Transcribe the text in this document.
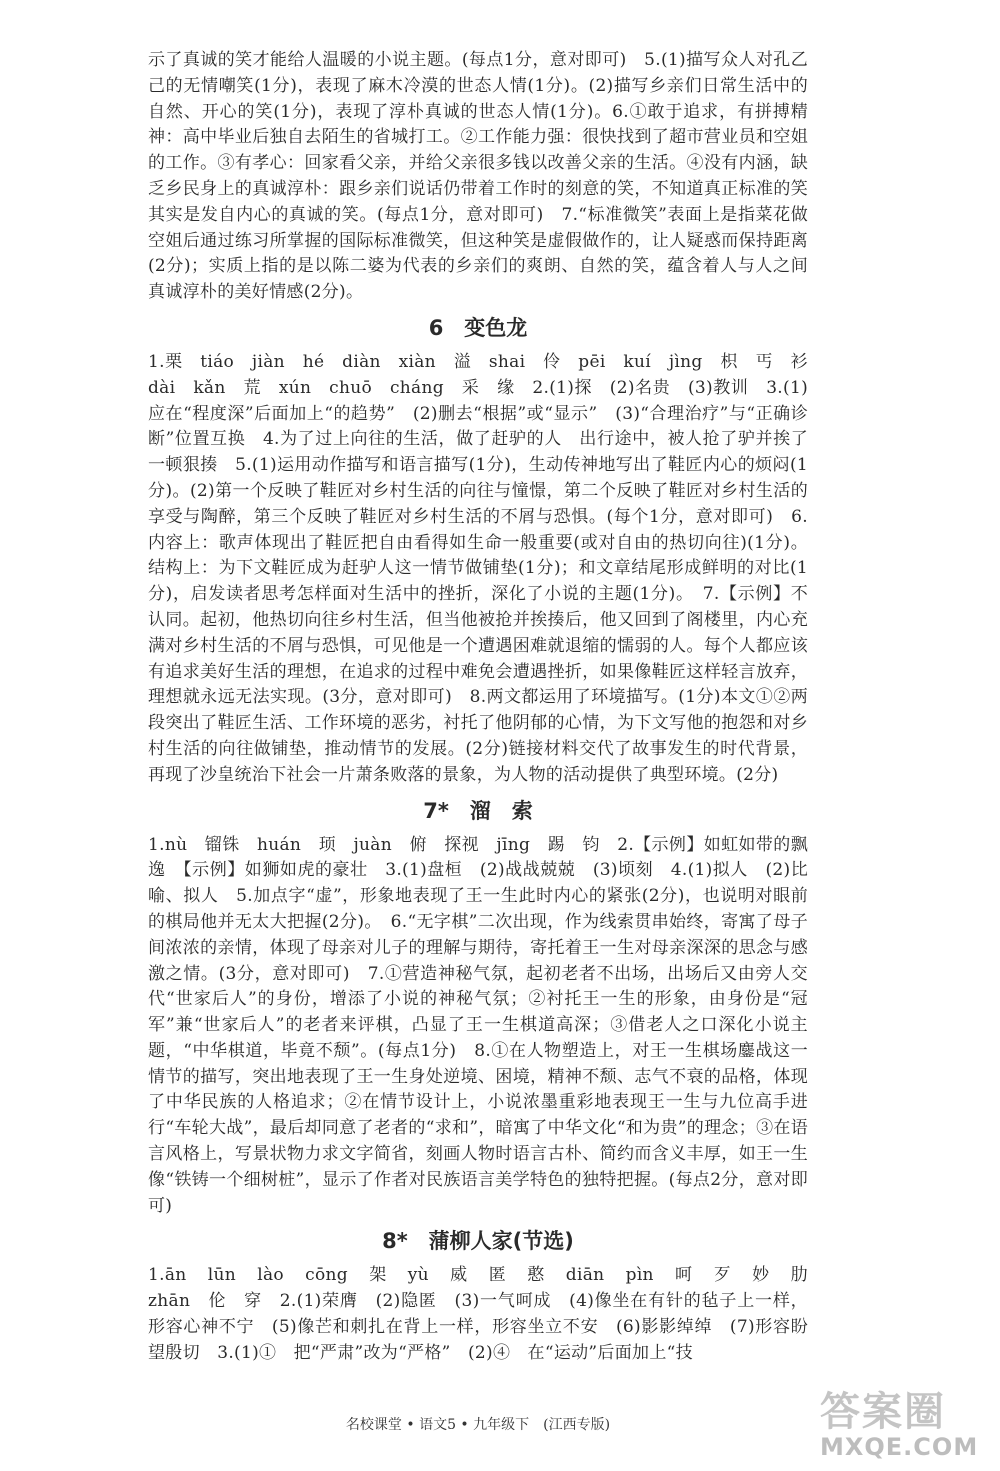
示了真诚的笑才能给人温暖的小说主题。(每点1分，意对即可)　5.(1)描写众人对孔乙己的无情嘲笑(1分)，表现了麻木冷漠的世态人情(1分)。(2)描写乡亲们日常生活中的自然、开心的笑(1分)，表现了淳朴真诚的世态人情(1分)。6.①敢于追求，有拼搏精神：高中毕业后独自去陌生的省城打工。②工作能力强：很快找到了超市营业员和空姐的工作。③有孝心：回家看父亲，并给父亲很多钱以改善父亲的生活。④没有内涵，缺乏乡民身上的真诚淳朴：跟乡亲们说话仍带着工作时的刻意的笑，不知道真正标准的笑其实是发自内心的真诚的笑。(每点1分，意对即可)　7.“标准微笑”表面上是指菜花做空姐后通过练习所掌握的国际标准微笑，但这种笑是虚假做作的，让人疑惑而保持距离(2分)；实质上指的是以陈二婆为代表的乡亲们的爽朗、自然的笑，蕴含着人与人之间真诚淳朴的美好情感(2分)。

6　变色龙

1.栗　tiáo　jiàn　hé　diàn　xiàn　溢　shai　伶　pēi　kuí　jìng　枳　丐　衫　dài　kǎn　荒　xún　chuō　cháng　采　缘　2.(1)探　(2)名贵　(3)教训　3.(1)应在“程度深”后面加上“的趋势”　(2)删去“根据”或“显示”　(3)“合理治疗”与“正确诊断”位置互换　4.为了过上向往的生活，做了赶驴的人　出行途中，被人抢了驴并挨了一顿狠揍　5.(1)运用动作描写和语言描写(1分)，生动传神地写出了鞋匠内心的烦闷(1分)。(2)第一个反映了鞋匠对乡村生活的向往与憧憬，第二个反映了鞋匠对乡村生活的享受与陶醉，第三个反映了鞋匠对乡村生活的不屑与恐惧。(每个1分，意对即可)　6.内容上：歌声体现出了鞋匠把自由看得如生命一般重要(或对自由的热切向往)(1分)。结构上：为下文鞋匠成为赶驴人这一情节做铺垫(1分)；和文章结尾形成鲜明的对比(1分)，启发读者思考怎样面对生活中的挫折，深化了小说的主题(1分)。　7.【示例】不认同。起初，他热切向往乡村生活，但当他被抢并挨揍后，他又回到了阁楼里，内心充满对乡村生活的不屑与恐惧，可见他是一个遭遇困难就退缩的懦弱的人。每个人都应该有追求美好生活的理想，在追求的过程中难免会遭遇挫折，如果像鞋匠这样轻言放弃，理想就永远无法实现。(3分，意对即可)　8.两文都运用了环境描写。(1分)本文①②两段突出了鞋匠生活、工作环境的恶劣，衬托了他阴郁的心情，为下文写他的抱怨和对乡村生活的向往做铺垫，推动情节的发展。(2分)链接材料交代了故事发生的时代背景，再现了沙皇统治下社会一片萧条败落的景象，为人物的活动提供了典型环境。(2分)

7*　溜　索

1.nù　镏铢　huán　顼　juàn　俯　探视　jīng　踢　钧　2.【示例】如虹如带的飘逸　【示例】如狮如虎的豪壮　3.(1)盘桓　(2)战战兢兢　(3)顷刻　4.(1)拟人　(2)比喻、拟人　5.加点字“虚”，形象地表现了王一生此时内心的紧张(2分)，也说明对眼前的棋局他并无太大把握(2分)。　6.“无字棋”二次出现，作为线索贯串始终，寄寓了母子间浓浓的亲情，体现了母亲对儿子的理解与期待，寄托着王一生对母亲深深的思念与感激之情。(3分，意对即可)　7.①营造神秘气氛，起初老者不出场，出场后又由旁人交代“世家后人”的身份，增添了小说的神秘气氛；②衬托王一生的形象，由身份是“冠军”兼“世家后人”的老者来评棋，凸显了王一生棋道高深；③借老人之口深化小说主题，“中华棋道，毕竟不颓”。(每点1分)　8.①在人物塑造上，对王一生棋场鏖战这一情节的描写，突出地表现了王一生身处逆境、困境，精神不颓、志气不衰的品格，体现了中华民族的人格追求；②在情节设计上，小说浓墨重彩地表现王一生与九位高手进行“车轮大战”，最后却同意了老者的“求和”，暗寓了中华文化“和为贵”的理念；③在语言风格上，写景状物力求文字简省，刻画人物时语言古朴、简约而含义丰厚，如王一生像“铁铸一个细树桩”，显示了作者对民族语言美学特色的独特把握。(每点2分，意对即可)

8*　蒲柳人家(节选)

1.ān　lūn　lào　cōng　架　yù　威　匿　憨　diān　pìn　呵　歹　妙　肋　zhān　伦　穿　2.(1)荣膺　(2)隐匿　(3)一气呵成　(4)像坐在有针的毡子上一样，形容心神不宁　(5)像芒和刺扎在背上一样，形容坐立不安　(6)影影绰绰　(7)形容盼望殷切　3.(1)①　把“严肃”改为“严格”　(2)④　在“运动”后面加上“技

名校课堂 • 语文5 • 九年级下　(江西专版)	答案圈
MXQE.COM
